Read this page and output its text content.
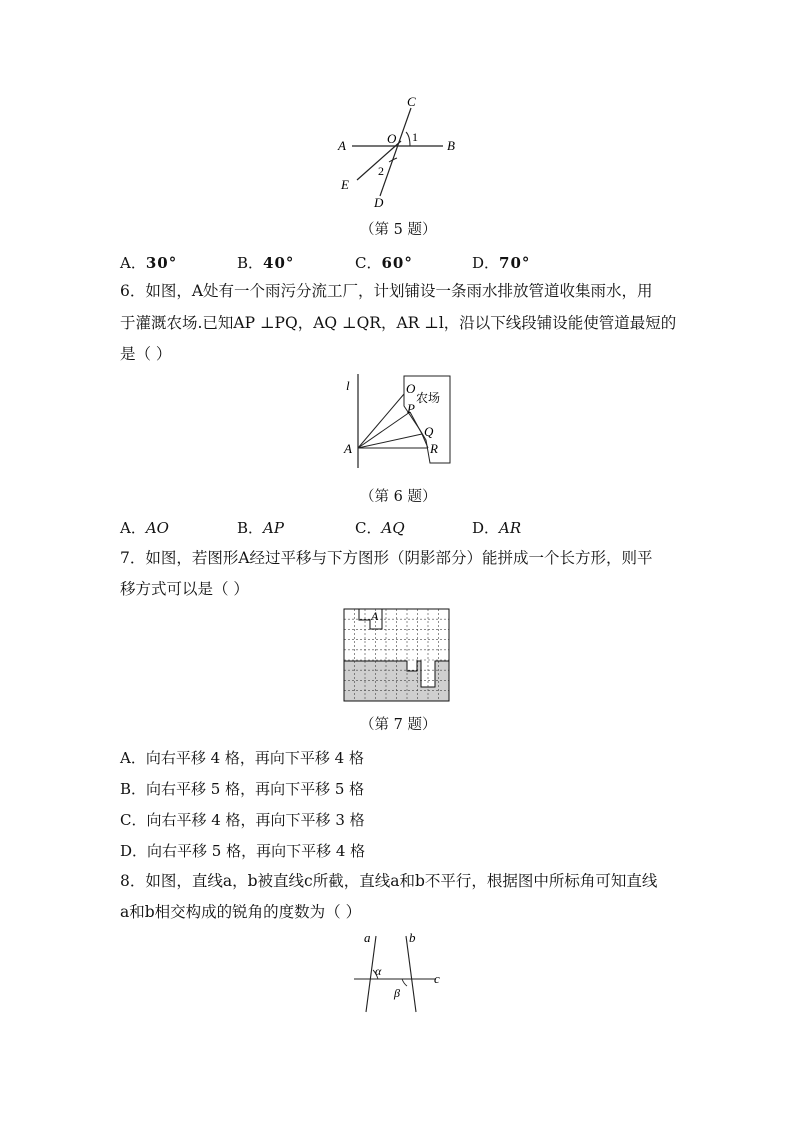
C
O 1
A	B
2
E
D
（第 5 题）
A．30°	B．40°	C．60°	D．70°
6．如图，A处有一个雨污分流工厂，计划铺设一条雨水排放管道收集雨水，用
于灌溉农场.已知AP ⊥PQ，AQ ⊥QR，AR ⊥l，沿以下线段铺设能使管道最短的
是（ ）
l	O
农场
P
Q
R
A
（第 6 题）
A．AO	B．AP	C．AQ	D．AR
7．如图，若图形A经过平移与下方图形（阴影部分）能拼成一个长方形，则平
移方式可以是（ ）
A
（第 7 题）
A．向右平移 4 格，再向下平移 4 格
B．向右平移 5 格，再向下平移 5 格
C．向右平移 4 格，再向下平移 3 格
D．向右平移 5 格，再向下平移 4 格
8．如图，直线a，b被直线c所截，直线a和b不平行，根据图中所标角可知直线
a和b相交构成的锐角的度数为（ ）
a	b
α	c
β
